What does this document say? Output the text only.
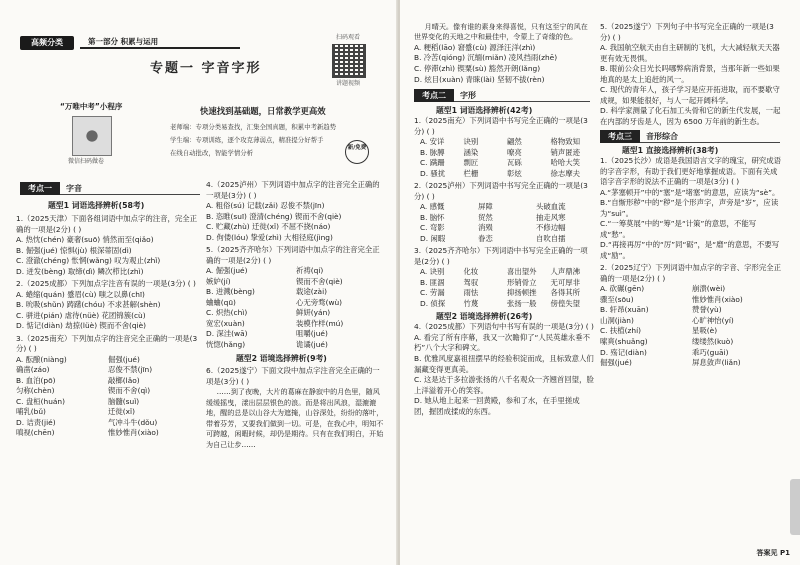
高频分类	第一部分 积累与运用	扫码观看
讲题视频
专题一 字音字形
“万唯中考”小程序
微信扫码做卷
快速找到基础题，日常教学更高效
老师端：专项分类易查找，汇集全国真题，积累中考新趋势
学生端：专项训练，逐个攻克薄弱点，精准提分好帮手
在线自动批改，智能学情分析
新/免费
考点一 字音
题型1 词语选择辨析(58考)
1.（2025天津）下面各组词语中加点字的注音，完全正确的一项是(2分) ( )
A. 热忱(chén) 豪奢(suō) 悄然而至(qiǎo)
B. 倔强(jué) 惊惧(jù) 根深蒂固(dì)
C. 澄澈(chéng) 怅惘(wǎng) 叹为观止(zhǐ)
D. 迸发(bèng) 取缔(dì) 鳞次栉比(zhì)
2.（2025成都）下列加点字注音有误的一项是(3分) ( )
A. 蜷缩(quán) 蹙眉(cù) 嗤之以鼻(chī)
B. 吮吸(shǔn) 踌躇(chóu) 不求甚解(shèn)
C. 骈进(pián) 虐待(nüè) 花团锦簇(cù)
D. 惦记(diàn) 劫掠(lüè) 锲而不舍(qiè)
3.（2025南充）下列加点字的注音完全正确的一项是(3分) ( )
A. 酝酿(niàng)	倔强(jué)
确凿(záo)	忍俊不禁(jīn)
B. 血泊(pō)	敲榔(lǎo)
匀称(chèn)	锲而不舍(qì)
C. 盘桓(huán)	脑髓(suǐ)
哺乳(bǔ)	迁徙(xǐ)
D. 诘责(jié)	气冲斗牛(dǒu)
嗔视(chēn)	惟妙惟肖(xiào)
4.（2025泸州）下列词语中加点字的注音完全正确的一项是(3分) ( )
A. 粗俗(sú) 记载(zǎi) 忍俊不禁(jīn)
B. 恣睢(suī) 澄清(chéng) 锲而不舍(qiè)
C. 贮藏(zhù) 迁徙(xǐ) 不屈不挠(náo)
D. 佝偻(lóu) 挚爱(zhì) 大相径庭(jìng)
5.（2025齐齐哈尔）下列词语中加点字的注音完全正确的一项是(2分) ( )
A. 倔强(jué)	祈祷(qí)
嫉妒(jí)	锲而不舍(qiè)
B. 迸溅(bèng)	载途(zài)
蛐蛐(qū)	心无旁骛(wù)
C. 炽热(chì)	鲜妍(yán)
宽宏(xuàn)	装模作样(mú)
D. 深洼(wā)	咀嚼(jué)
恍惚(hǎng)	诡谲(jué)
题型2 语境选择辨析(9考)
6.（2025遂宁）下面文段中加点字注音完全正确的一项是(3分) ( )

……到了夜晚，大片的葛麻在静寂中的月色里，随风缓缓摇曳，漾出层层银色的浪。而是将出风浪，湿漉漉地，醒的总是以山谷大为遮掩，山谷深处，纷纷的落叶，带着芬芳，又要我们做到一切。可是，在我心中，明知不可跨越，闲暇时候，却仍是期待。只有在我们明白，开始为自己让步……

月晴天。像有谁的素身来得喜悦，只有这至宁的风在世界变化的天地之中和最佳中，令蒙上了奇缘的色。

A. 粳稻(lāo) 窘蹙(cù) 源泽汪洋(zhì)
B. 冷苦(qióng) 沉缅(miǎn) 凌风挡雨(zhē)
C. 停滞(zhì) 锲粟(sù) 豁然开朗(lǎng)
D. 炫目(xuàn) 青睐(lài) 坚韧不拔(rèn)
考点二 字形
题型1 词语选择辨析(42考)
1.（2025南充）下列词语中书写完全正确的一项是(3分) ( )
A. 安详	诀别	翩然	格物致知
B. 脉膊	涵染	嘹亮	销声匿迹
C. 蹒跚	剽匠	瓦砾	哈哈大笑
D. 骚扰	栏栅	彰炫	徐志摩夫
2.（2025泸州）下列词语中书写完全正确的一项是(3分) ( )
A. 感慨	屏障	头破血流
B. 脑怀	贸然	抽走风寒
C. 弯影	消殒	不修边幅
D. 闲暇	眷恋	自吹自擂
3.（2025齐齐哈尔）下列词语中书写完全正确的一项是(2分) ( )
A. 诀别	化妆	喜出望外	人声鼎沸
B. 匪涸	驾驭	形销骨立	无可厚非
C. 劳漏	雨怯	抑扬顿挫	各得其所
D. 侦探	竹蔑	张扬一般	傍偟失望
题型2 语境选择辨析(26考)
4.（2025成都）下列语句中书写有误的一项是(3分) ( )
A. 看完了所有序幕，我又一次瞻仰了“人民英雄永垂不朽”八个大字和碑文。
B. 优雅风度嘉祖扭摆早的经验积淀而成，且标致意人们漏藏变得更真美。
C. 这是达于多拉游张扬的八千名观众一齐翘首回望，脸上洋溢着开心的笑容。
D. 她从地上起来一回黄殿，参和了水，在手里搓成团，握团成揉成的东西。
5.（2025遂宁）下列句子中书写完全正确的一项是(3分) ( )
A. 我国航空航天由自主研制的飞机，大大减轻航天天器更有效无畏惧。
B. 眼前公众日光长吗哪弊病消背景，当那年新一些如果地真的是太上追赶的风一。
C. 现代的青年人，孩子学习是应开拓进取，而不要歇守成规，如果能很好，与人一起开阔科学。
D. 科学家测量了化石加工头骨和它的新生代发展，一起在内部的牙齿是人，因为 6500 万年前的新生态。
考点三 音形综合
题型1 直接选择辨析(38考)
1.（2025长沙）成语是我国语言文字的瑰宝，研究成语的字音字形，有助于我们更好地掌握成语。下面有关成语字音字形的说法不正确的一项是(3分) ( )
A.“茅塞顿开”中的“塞”是“堵塞”的意思，应读为“sè”。
B.“自惭形秽”中的“秽”是个形声字，声旁是“岁”，应读为“suì”。
C.“一筹莫展”中的“筹”是“计策”的意思，不能写成“愁”。
D.“再接再厉”中的“厉”同“砺”，是“磨”的意思，不要写成“励”。
2.（2025辽宁）下列词语中加点字的字音、字形完全正确的一项是(2分) ( )
A. 砍碾(gēn)	崩溃(wèi)
骤至(sōu)	惟妙惟肖(xiào)
B. 轩昂(xuān)	赞誉(yù)
山洞(jiàn)	心旷神怡(yí)
C. 扶植(zhí)	星吸(è)
嗦爽(shuǎng)	缕缕然(kuò)
D. 殇记(diàn)	乖巧(guāi)
倔强(jué)	屏息敛声(liǎn)
答案见 P1
